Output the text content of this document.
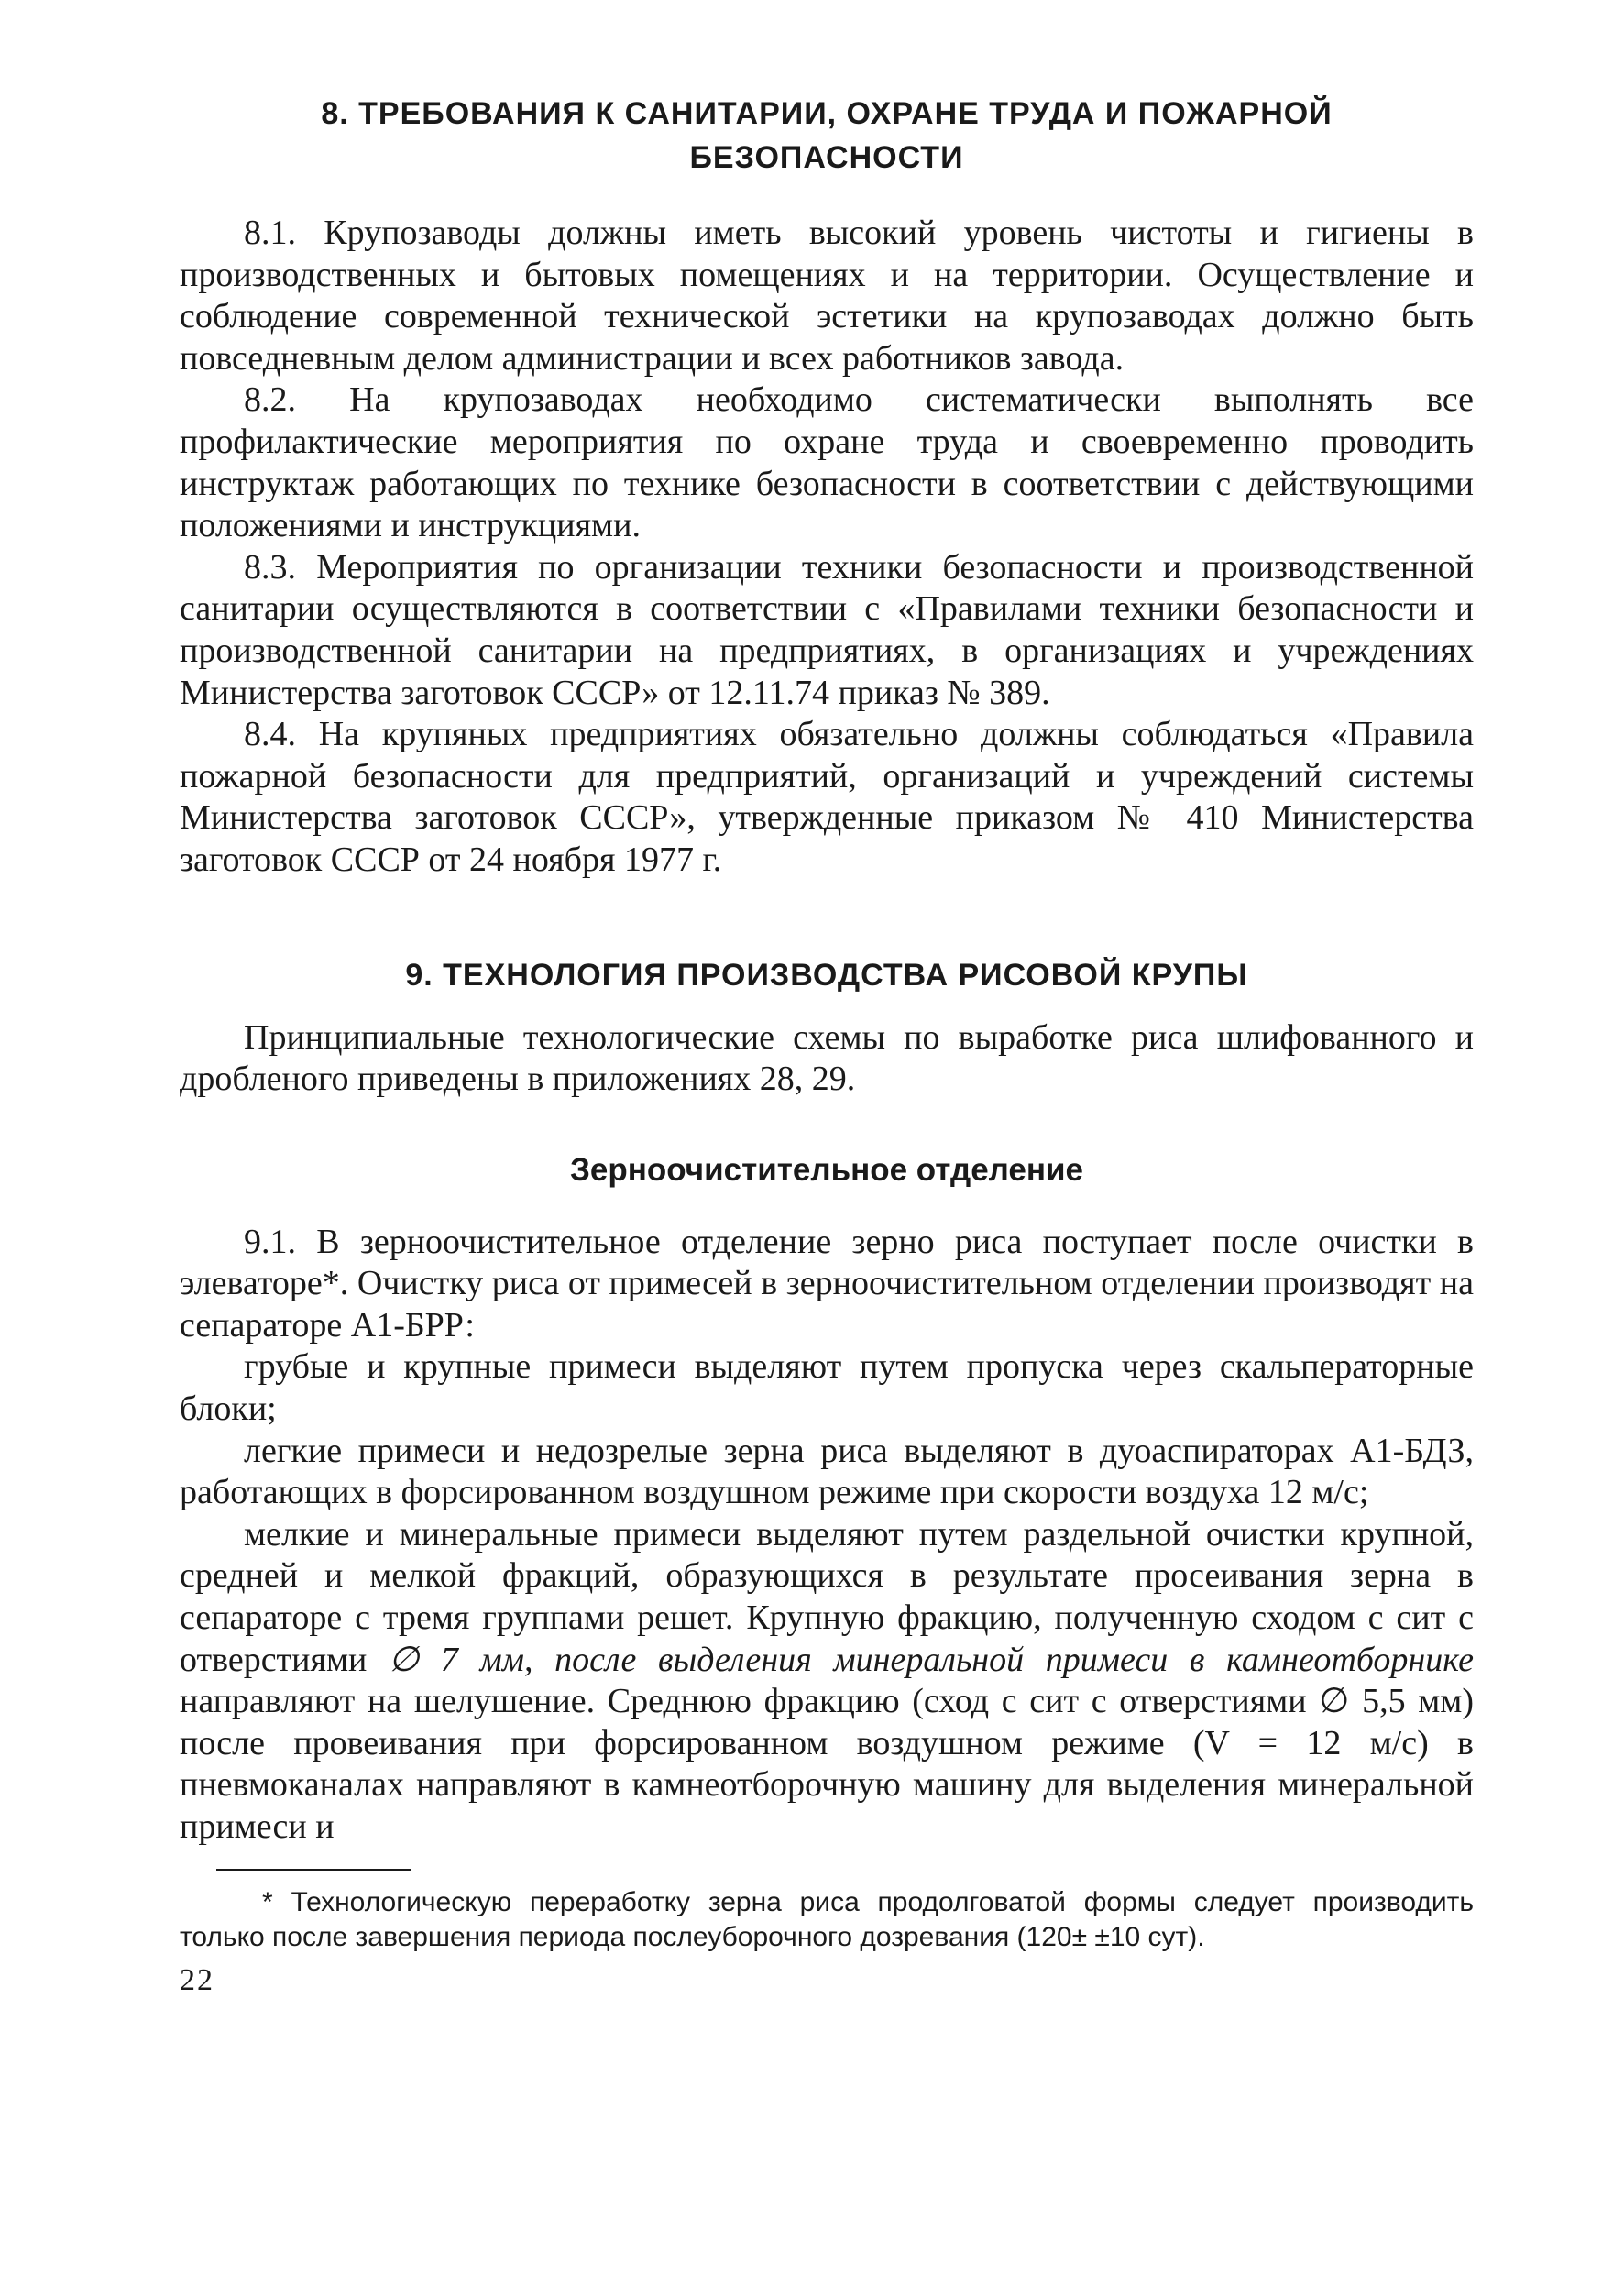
8. ТРЕБОВАНИЯ К САНИТАРИИ, ОХРАНЕ ТРУДА И ПОЖАРНОЙ
БЕЗОПАСНОСТИ

8.1. Крупозаводы должны иметь высокий уровень чистоты и гигиены в производственных и бытовых помещениях и на территории. Осуществление и соблюдение современной технической эстетики на крупозаводах должно быть повседневным делом администрации и всех работников завода.

8.2. На крупозаводах необходимо систематически выполнять все профилактические мероприятия по охране труда и своевременно проводить инструктаж работающих по технике безопасности в соответствии с действующими положениями и инструкциями.

8.3. Мероприятия по организации техники безопасности и производственной санитарии осуществляются в соответствии с «Правилами техники безопасности и производственной санитарии на предприятиях, в организациях и учреждениях Министерства заготовок СССР» от 12.11.74 приказ № 389.

8.4. На крупяных предприятиях обязательно должны соблюдаться «Правила пожарной безопасности для предприятий, организаций и учреждений системы Министерства заготовок СССР», утвержденные приказом № 410 Министерства заготовок СССР от 24 ноября 1977 г.

9. ТЕХНОЛОГИЯ ПРОИЗВОДСТВА РИСОВОЙ КРУПЫ

Принципиальные технологические схемы по выработке риса шлифованного и дробленого приведены в приложениях 28, 29.

Зерноочистительное отделение

9.1. В зерноочистительное отделение зерно риса поступает после очистки в элеваторе*. Очистку риса от примесей в зерноочистительном отделении производят на сепараторе А1-БРР:

грубые и крупные примеси выделяют путем пропуска через скальператорные блоки;

легкие примеси и недозрелые зерна риса выделяют в дуоаспираторах А1-БДЗ, работающих в форсированном воздушном режиме при скорости воздуха 12 м/с;

мелкие и минеральные примеси выделяют путем раздельной очистки крупной, средней и мелкой фракций, образующихся в результате просеивания зерна в сепараторе с тремя группами решет. Крупную фракцию, полученную сходом с сит с отверстиями ∅ 7 мм, после выделения минеральной примеси в камнеотборнике направляют на шелушение. Среднюю фракцию (сход с сит с отверстиями ∅ 5,5 мм) после провеивания при форсированном воздушном режиме (V = 12 м/с) в пневмоканалах направляют в камнеотборочную машину для выделения минеральной примеси и

* Технологическую переработку зерна риса продолговатой формы следует производить только после завершения периода послеуборочного дозревания (120± ±10 сут).

22
